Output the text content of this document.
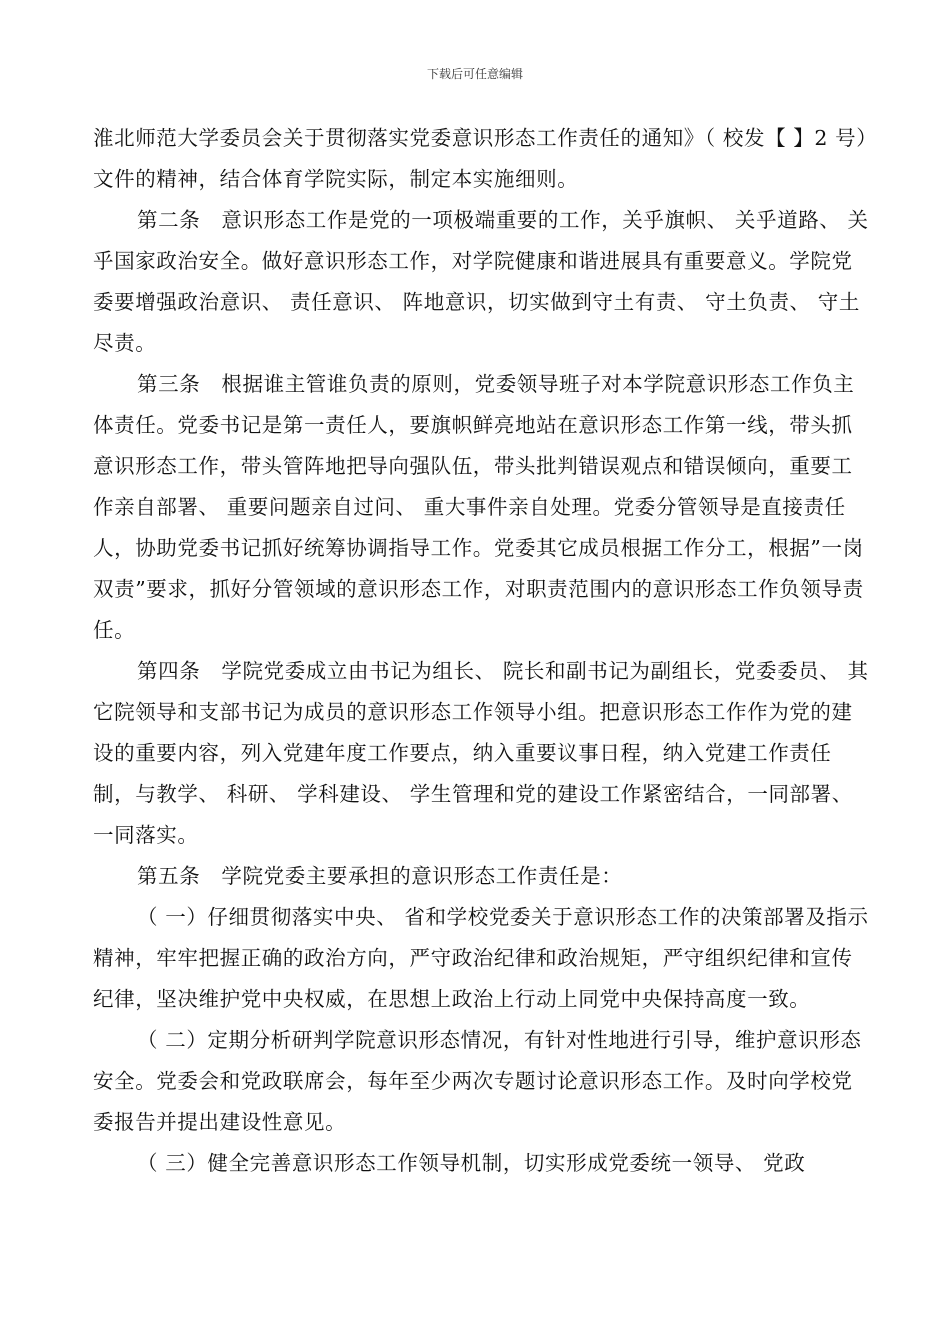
下载后可任意编辑

淮北师范大学委员会关于贯彻落实党委意识形态工作责任的通知》（ 校发【 】2 号）文件的精神，结合体育学院实际，制定本实施细则。

第二条　意识形态工作是党的一项极端重要的工作，关乎旗帜、 关乎道路、 关乎国家政治安全。做好意识形态工作，对学院健康和谐进展具有重要意义。学院党委要增强政治意识、 责任意识、 阵地意识，切实做到守土有责、 守土负责、 守土尽责。

第三条　根据谁主管谁负责的原则，党委领导班子对本学院意识形态工作负主体责任。党委书记是第一责任人，要旗帜鲜亮地站在意识形态工作第一线，带头抓意识形态工作，带头管阵地把导向强队伍，带头批判错误观点和错误倾向，重要工作亲自部署、 重要问题亲自过问、 重大事件亲自处理。党委分管领导是直接责任人，协助党委书记抓好统筹协调指导工作。党委其它成员根据工作分工，根据”一岗双责”要求，抓好分管领域的意识形态工作，对职责范围内的意识形态工作负领导责任。

第四条　学院党委成立由书记为组长、 院长和副书记为副组长，党委委员、 其它院领导和支部书记为成员的意识形态工作领导小组。把意识形态工作作为党的建设的重要内容，列入党建年度工作要点，纳入重要议事日程，纳入党建工作责任制，与教学、 科研、 学科建设、 学生管理和党的建设工作紧密结合，一同部署、 一同落实。

第五条　学院党委主要承担的意识形态工作责任是：

（ 一）仔细贯彻落实中央、 省和学校党委关于意识形态工作的决策部署及指示精神，牢牢把握正确的政治方向，严守政治纪律和政治规矩，严守组织纪律和宣传纪律，坚决维护党中央权威，在思想上政治上行动上同党中央保持高度一致。

（ 二）定期分析研判学院意识形态情况，有针对性地进行引导，维护意识形态安全。党委会和党政联席会，每年至少两次专题讨论意识形态工作。及时向学校党委报告并提出建设性意见。

（ 三）健全完善意识形态工作领导机制，切实形成党委统一领导、 党政
